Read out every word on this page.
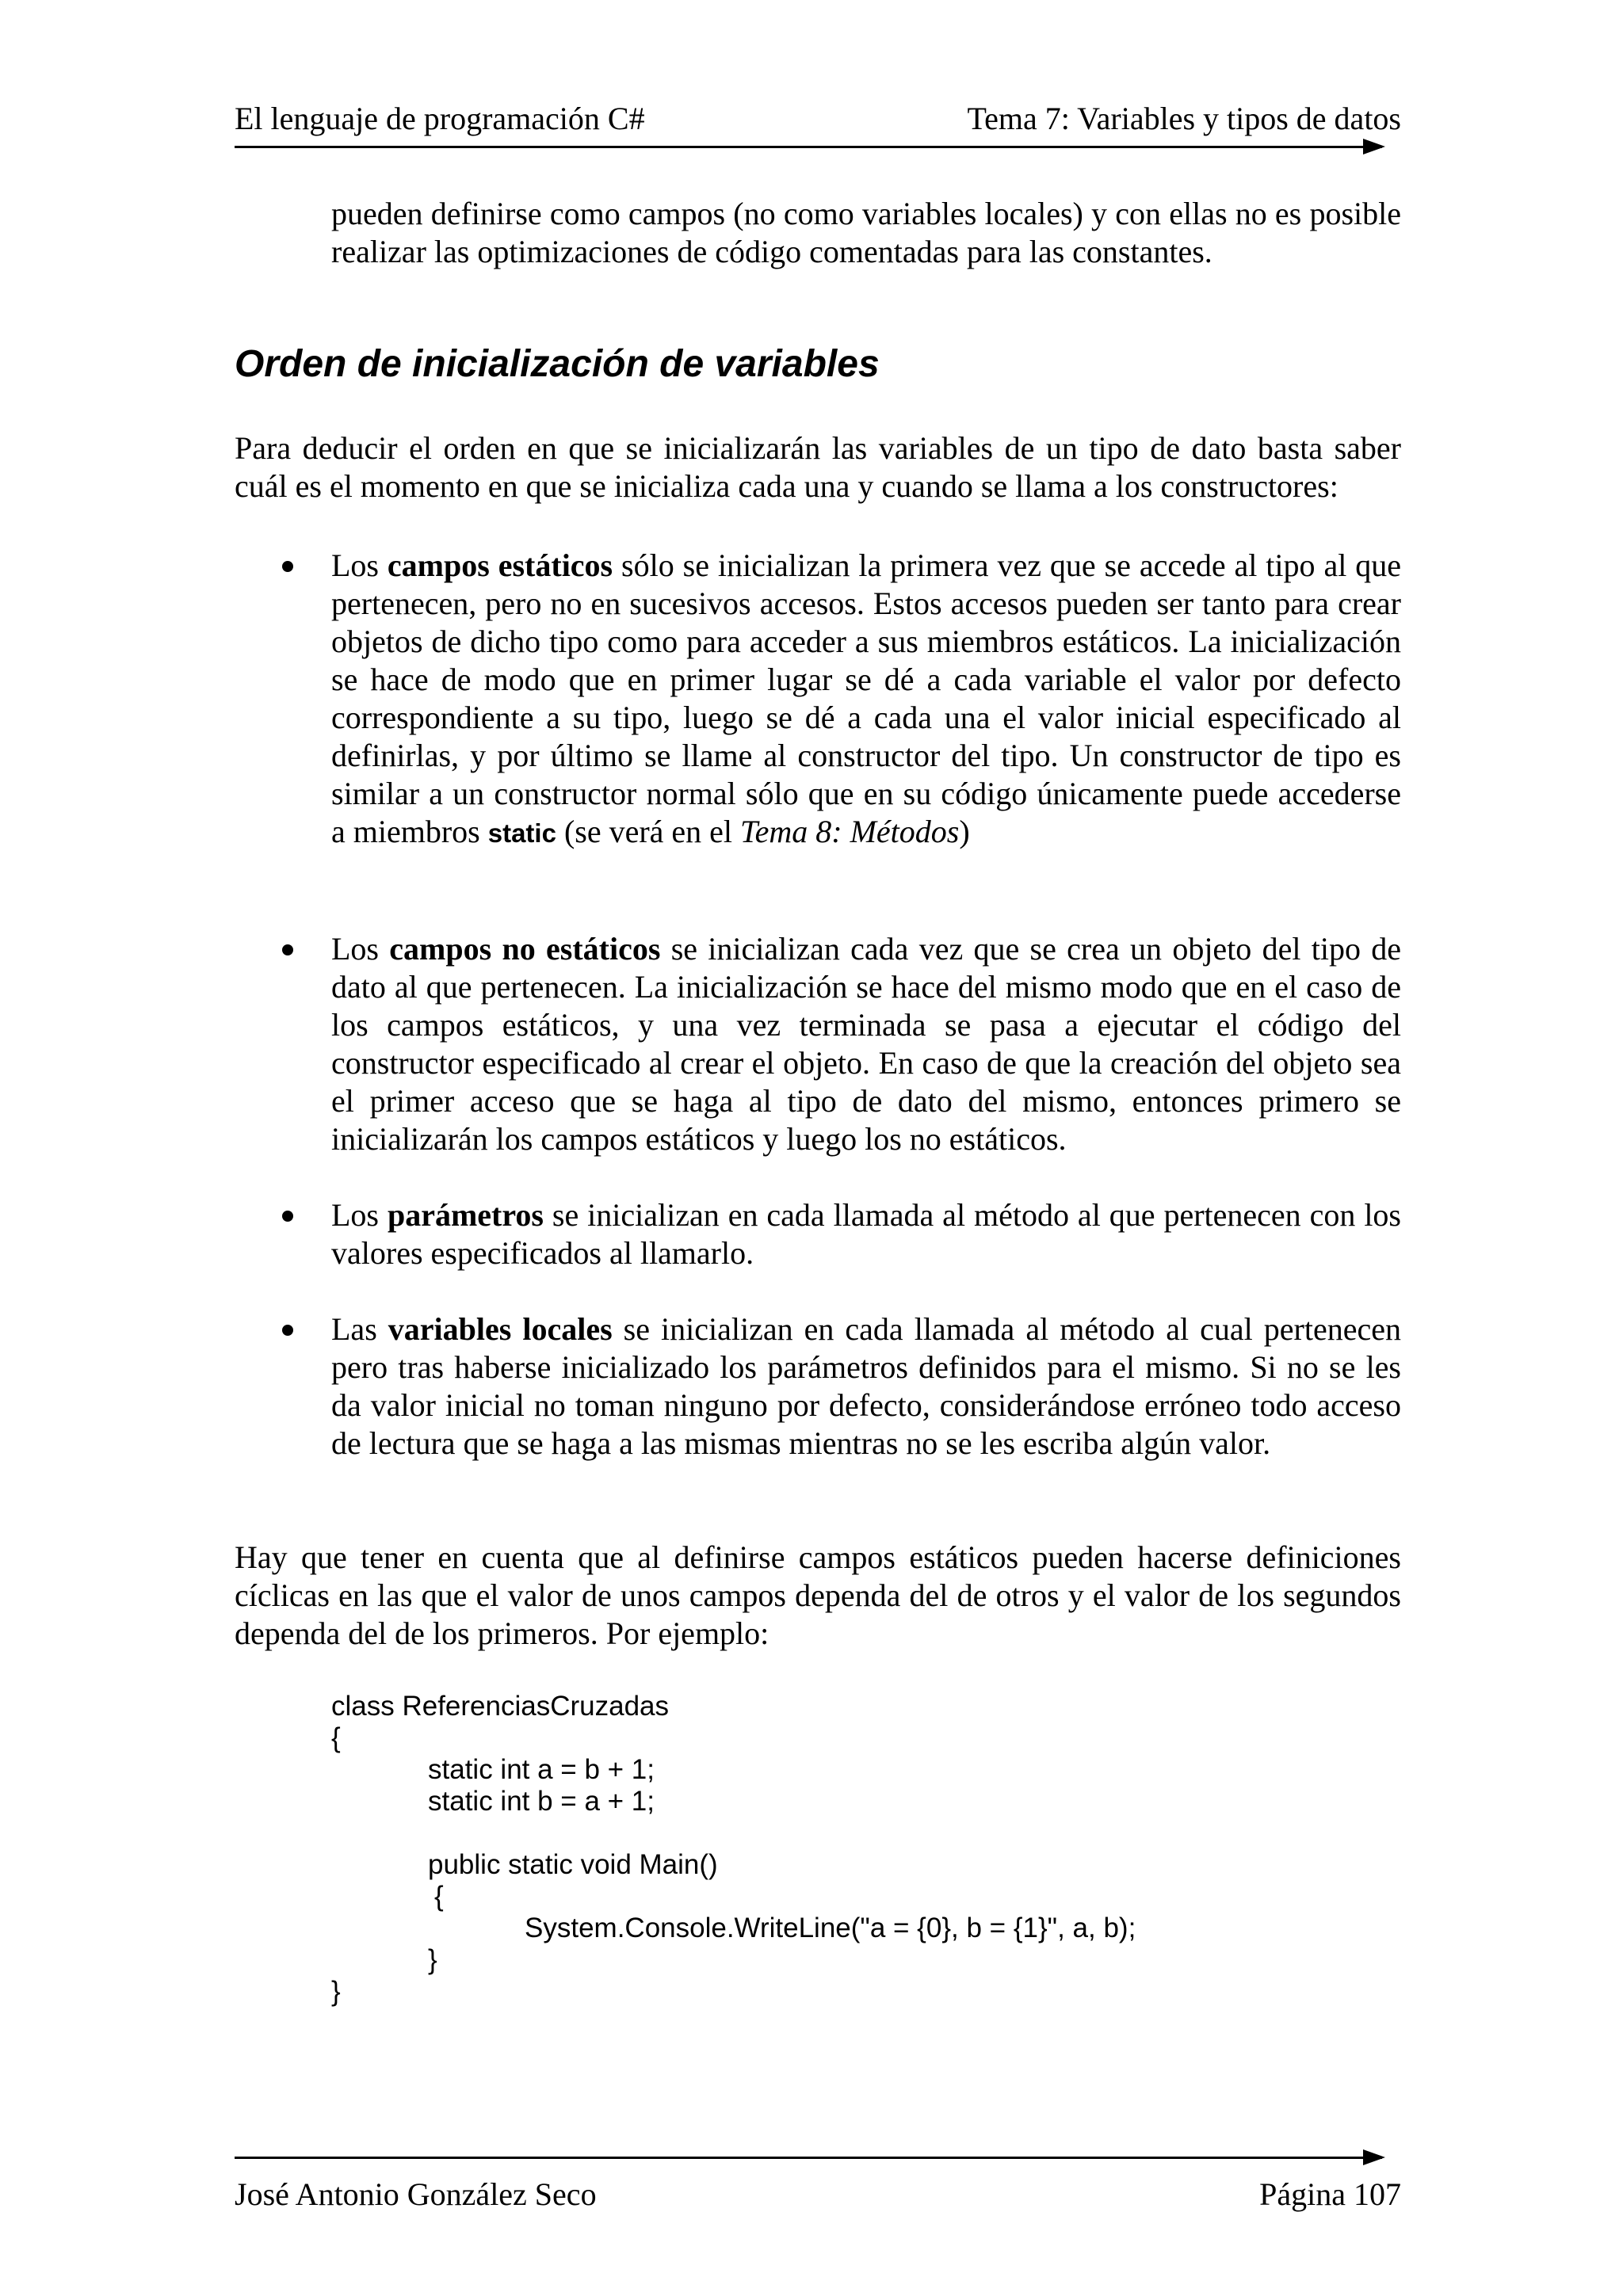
El lenguaje de programación C#	Tema 7: Variables y tipos de datos

pueden definirse como campos (no como variables locales) y con ellas no es posible realizar las optimizaciones de código comentadas para las constantes.

Orden de inicialización de variables

Para deducir el orden en que se inicializarán las variables de un tipo de dato basta saber cuál es el momento en que se inicializa cada una y cuando se llama a los constructores:

Los campos estáticos sólo se inicializan la primera vez que se accede al tipo al que pertenecen, pero no en sucesivos accesos. Estos accesos pueden ser tanto para crear objetos de dicho tipo como para acceder a sus miembros estáticos. La inicialización se hace de modo que en primer lugar se dé a cada variable el valor por defecto correspondiente a su tipo, luego se dé a cada una el valor inicial especificado al definirlas, y por último se llame al constructor del tipo. Un constructor de tipo es similar a un constructor normal sólo que en su código únicamente puede accederse a miembros static (se verá en el Tema 8: Métodos)
Los campos no estáticos se inicializan cada vez que se crea un objeto del tipo de dato al que pertenecen. La inicialización se hace del mismo modo que en el caso de los campos estáticos, y una vez terminada se pasa a ejecutar el código del constructor especificado al crear el objeto. En caso de que la creación del objeto sea el primer acceso que se haga al tipo de dato del mismo, entonces primero se inicializarán los campos estáticos y luego los no estáticos.
Los parámetros se inicializan en cada llamada al método al que pertenecen con los valores especificados al llamarlo.
Las variables locales se inicializan en cada llamada al método al cual pertenecen pero tras haberse inicializado los parámetros definidos para el mismo. Si no se les da valor inicial no toman ninguno por defecto, considerándose erróneo todo acceso de lectura que se haga a las mismas mientras no se les escriba algún valor.

Hay que tener en cuenta que al definirse campos estáticos pueden hacerse definiciones cíclicas en las que el valor de unos campos dependa del de otros y el valor de los segundos dependa del de los primeros. Por ejemplo:

class ReferenciasCruzadas
{
static int a = b + 1;
static int b = a + 1;
public static void Main()
{
System.Console.WriteLine("a = {0}, b = {1}", a, b);
}
}
José Antonio González Seco	Página 107
